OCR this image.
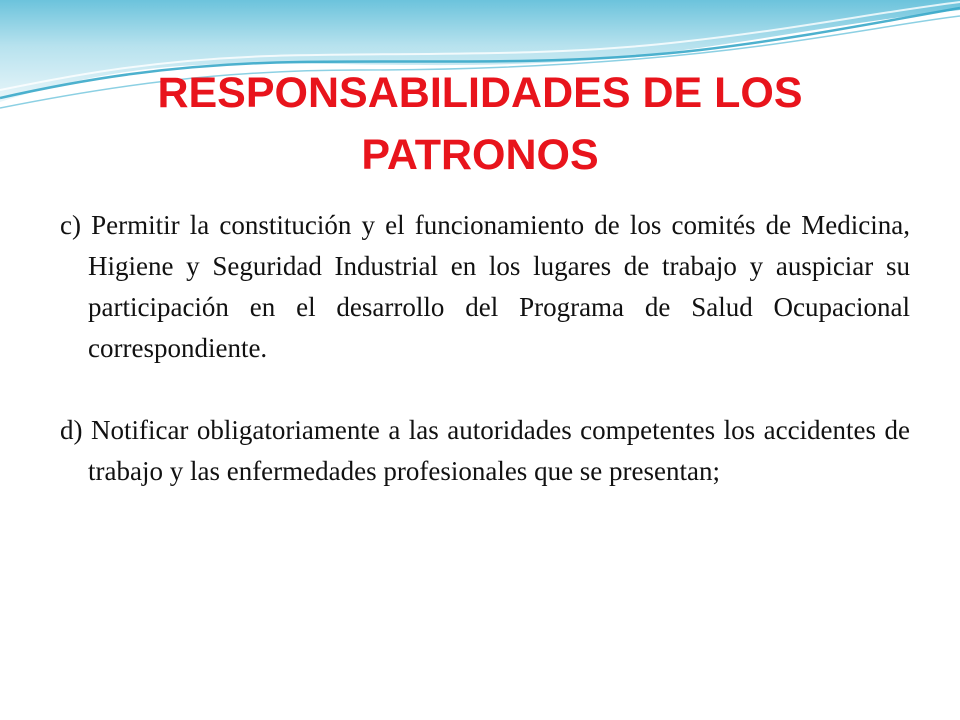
RESPONSABILIDADES DE LOS PATRONOS

c) Permitir la constitución y el funcionamiento de los comités de Medicina, Higiene y Seguridad Industrial en los lugares de trabajo y auspiciar su participación en el desarrollo del Programa de Salud Ocupacional correspondiente.

d) Notificar obligatoriamente a las autoridades competentes los accidentes de trabajo y las enfermedades profesionales que se presentan;
